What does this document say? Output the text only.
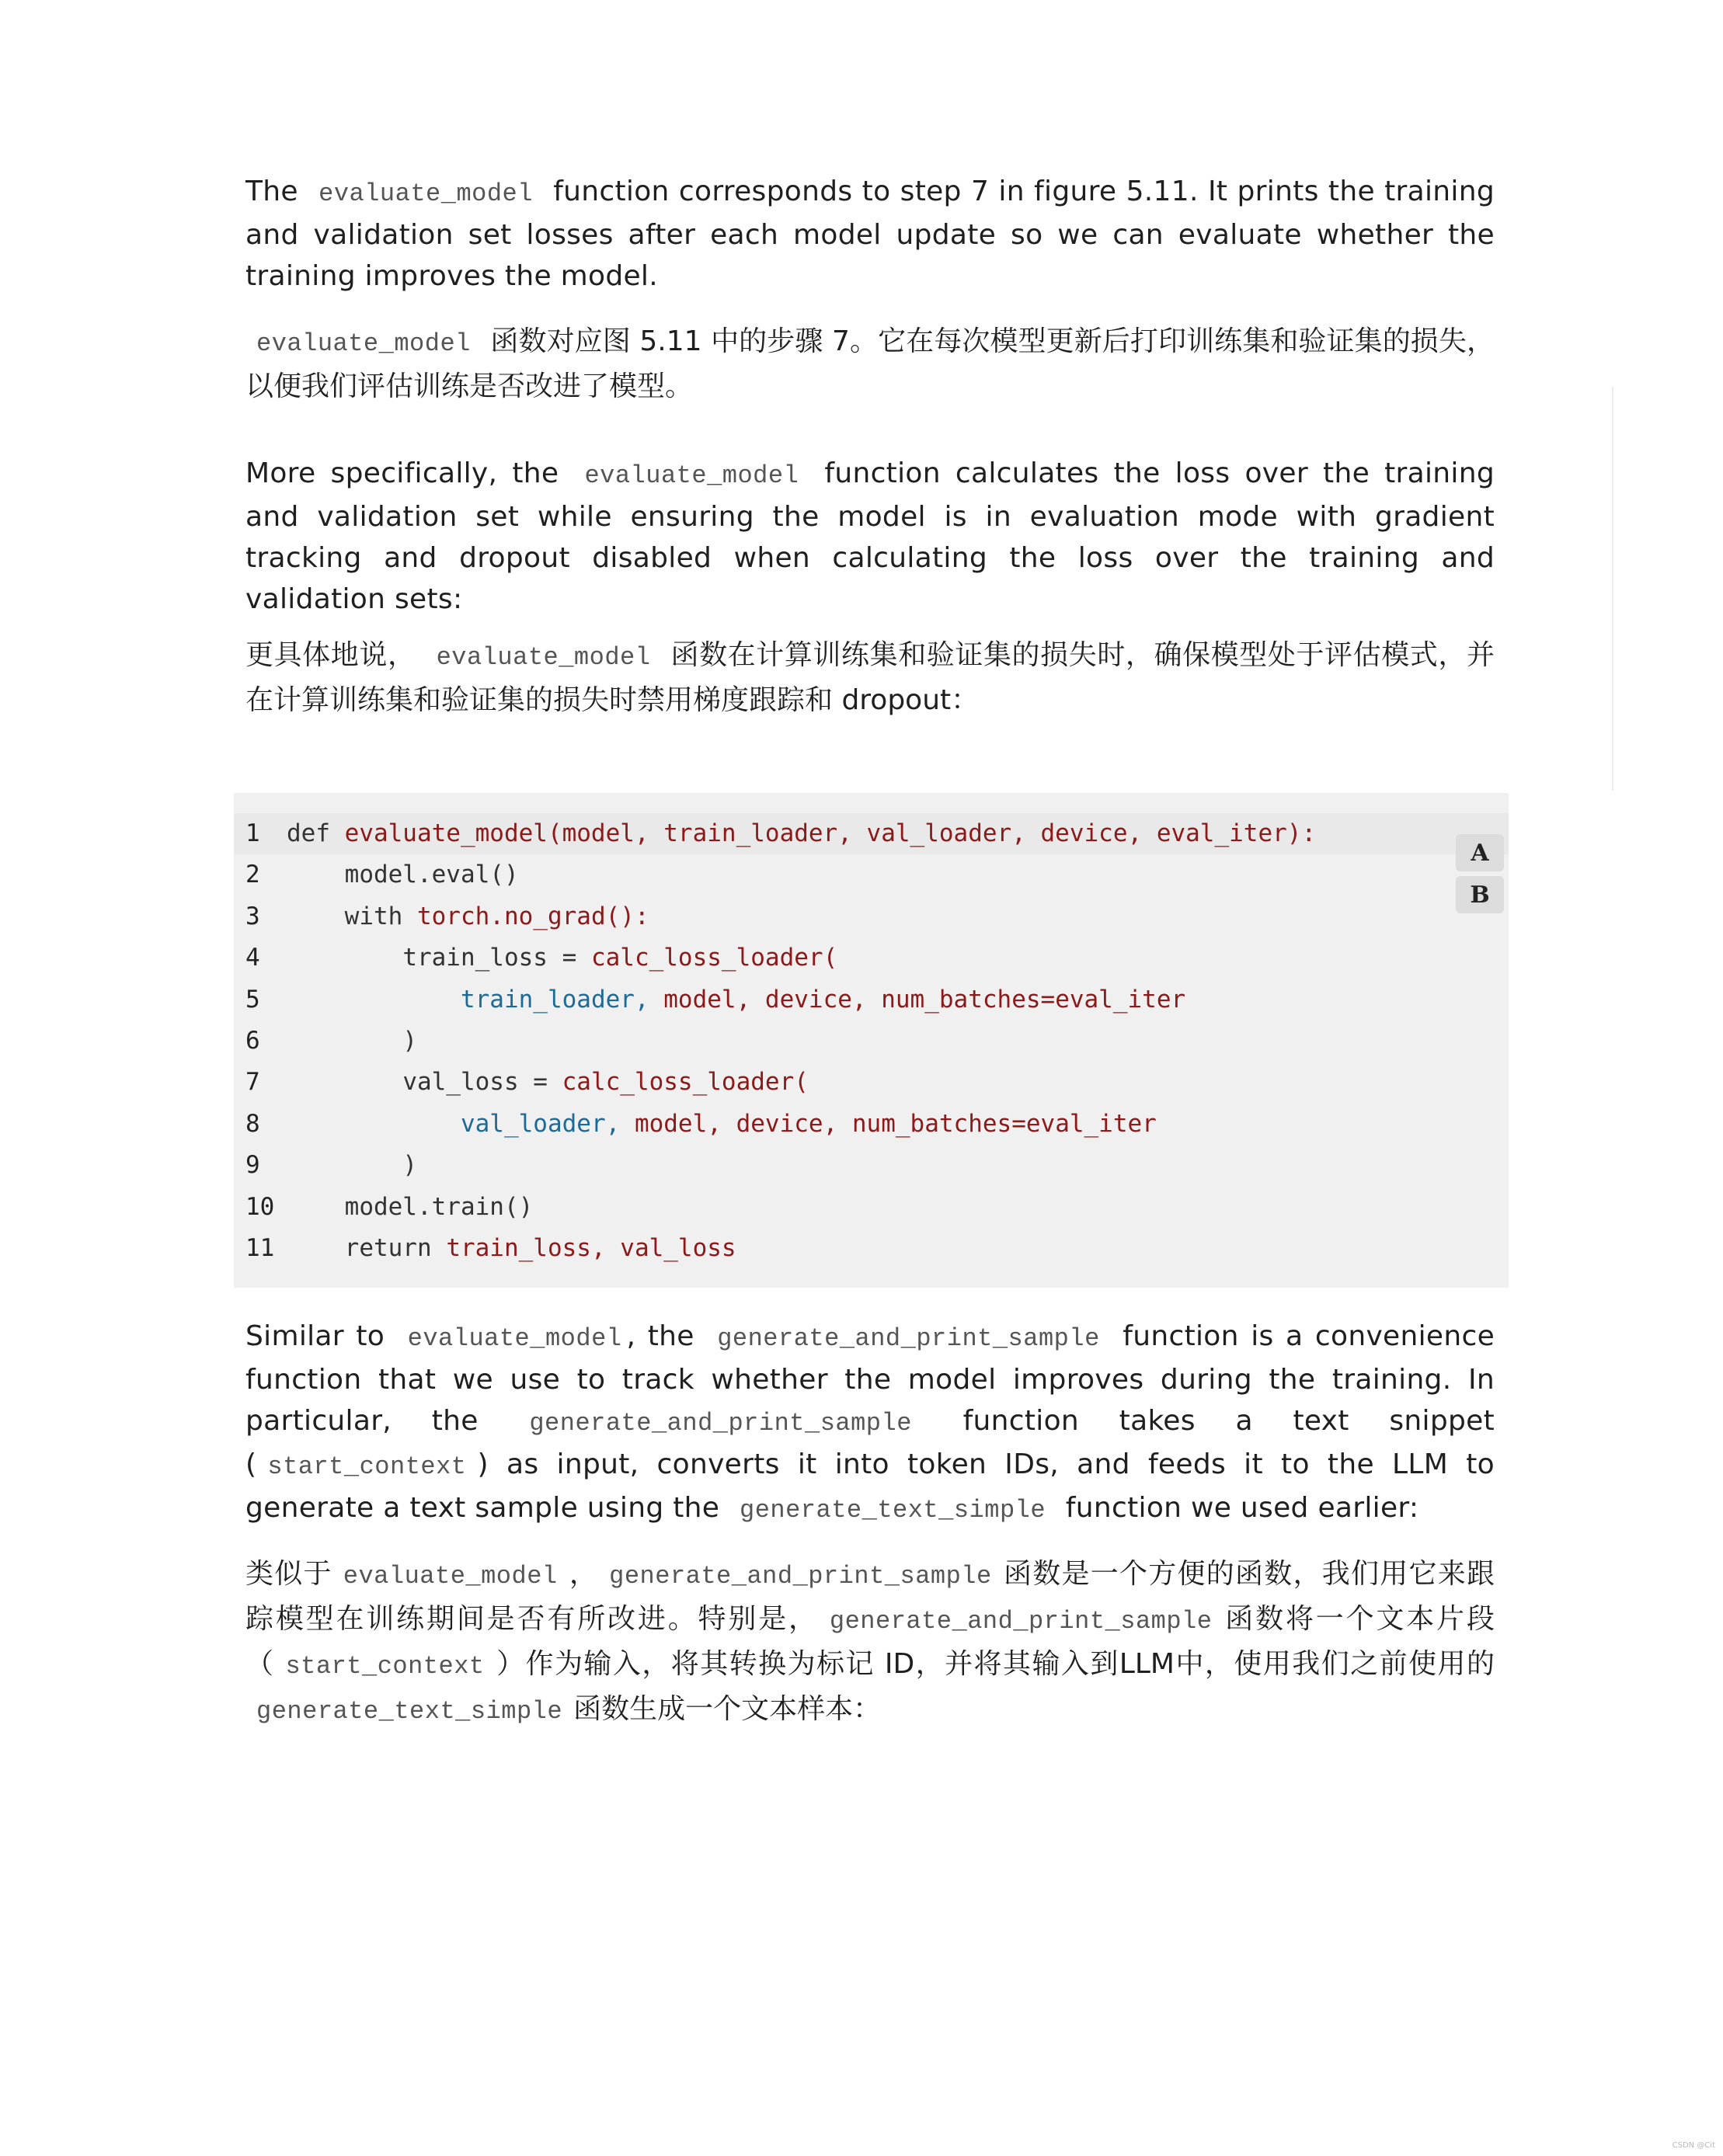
The evaluate_model function corresponds to step 7 in figure 5.11. It prints the training and validation set losses after each model update so we can evaluate whether the training improves the model.

evaluate_model 函数对应图 5.11 中的步骤 7。它在每次模型更新后打印训练集和验证集的损失，以便我们评估训练是否改进了模型。

More specifically, the evaluate_model function calculates the loss over the training and validation set while ensuring the model is in evaluation mode with gradient tracking and dropout disabled when calculating the loss over the training and validation sets:

更具体地说， evaluate_model 函数在计算训练集和验证集的损失时，确保模型处于评估模式，并在计算训练集和验证集的损失时禁用梯度跟踪和 dropout：

1	def evaluate_model(model, train_loader, val_loader, device, eval_iter):
2
	model.eval()
3
	with torch.no_grad():
4
	train_loss = calc_loss_loader(
5
	train_loader, model, device, num_batches=eval_iter
6
	)
7
	val_loss = calc_loss_loader(
8
	val_loader, model, device, num_batches=eval_iter
9
	)
10
	model.train()
11
	return train_loss, val_loss
A
B

Similar to evaluate_model , the generate_and_print_sample function is a convenience function that we use to track whether the model improves during the training. In particular, the generate_and_print_sample function takes a text snippet ( start_context ) as input, converts it into token IDs, and feeds it to the LLM to generate a text sample using the generate_text_simple function we used earlier:

类似于 evaluate_model ， generate_and_print_sample 函数是一个方便的函数，我们用它来跟踪模型在训练期间是否有所改进。特别是， generate_and_print_sample 函数将一个文本片段（ start_context ）作为输入，将其转换为标记 ID，并将其输入到LLM中，使用我们之前使用的generate_text_simple 函数生成一个文本样本：

CSDN @Cit
